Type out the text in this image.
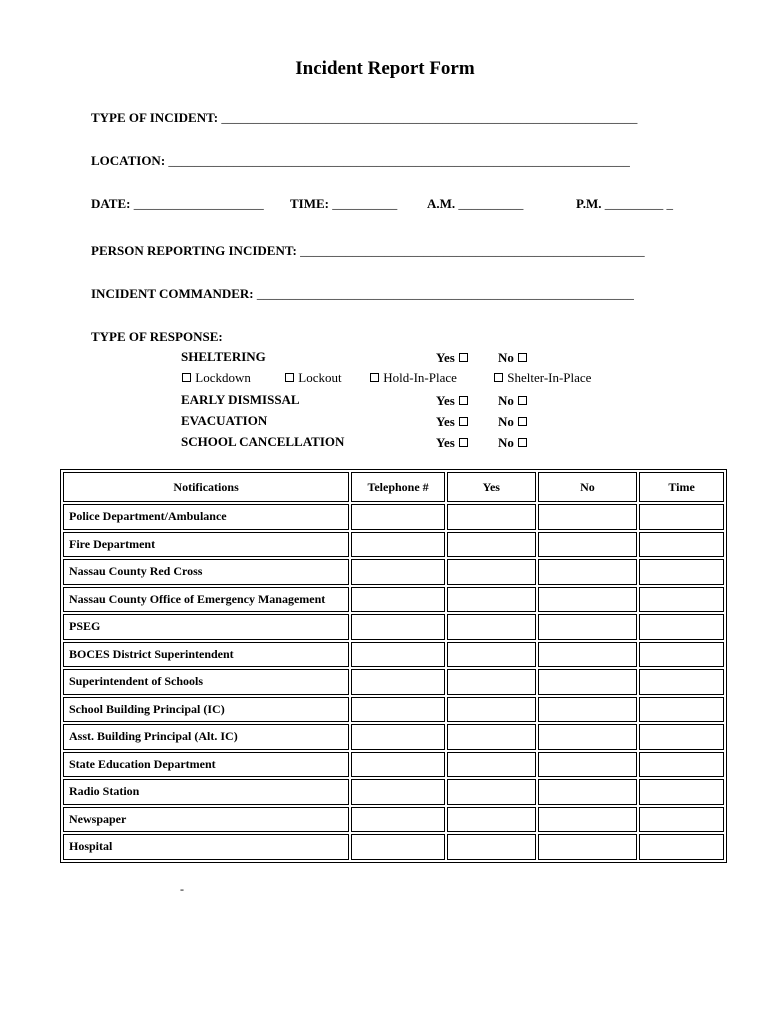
Incident Report Form
TYPE OF INCIDENT: ________________________________________________________________
LOCATION: _______________________________________________________________________
DATE: ____________________ TIME: __________ A.M. __________	P.M. _________ _
PERSON REPORTING INCIDENT: _____________________________________________________
INCIDENT COMMANDER: __________________________________________________________
TYPE OF RESPONSE:
SHELTERING	Yes	No
Lockdown	Lockout	Hold-In-Place	Shelter-In-Place
EARLY DISMISSAL	Yes	No
EVACUATION	Yes	No
SCHOOL CANCELLATION	Yes	No
Notifications	Telephone #	Yes	No	Time
Police Department/Ambulance				
Fire Department				
Nassau County Red Cross				
Nassau County Office of Emergency Management				
PSEG				
BOCES District Superintendent				
Superintendent of Schools				
School Building Principal (IC)				
Asst. Building Principal (Alt. IC)				
State Education Department				
Radio Station				
Newspaper				
Hospital				
-
